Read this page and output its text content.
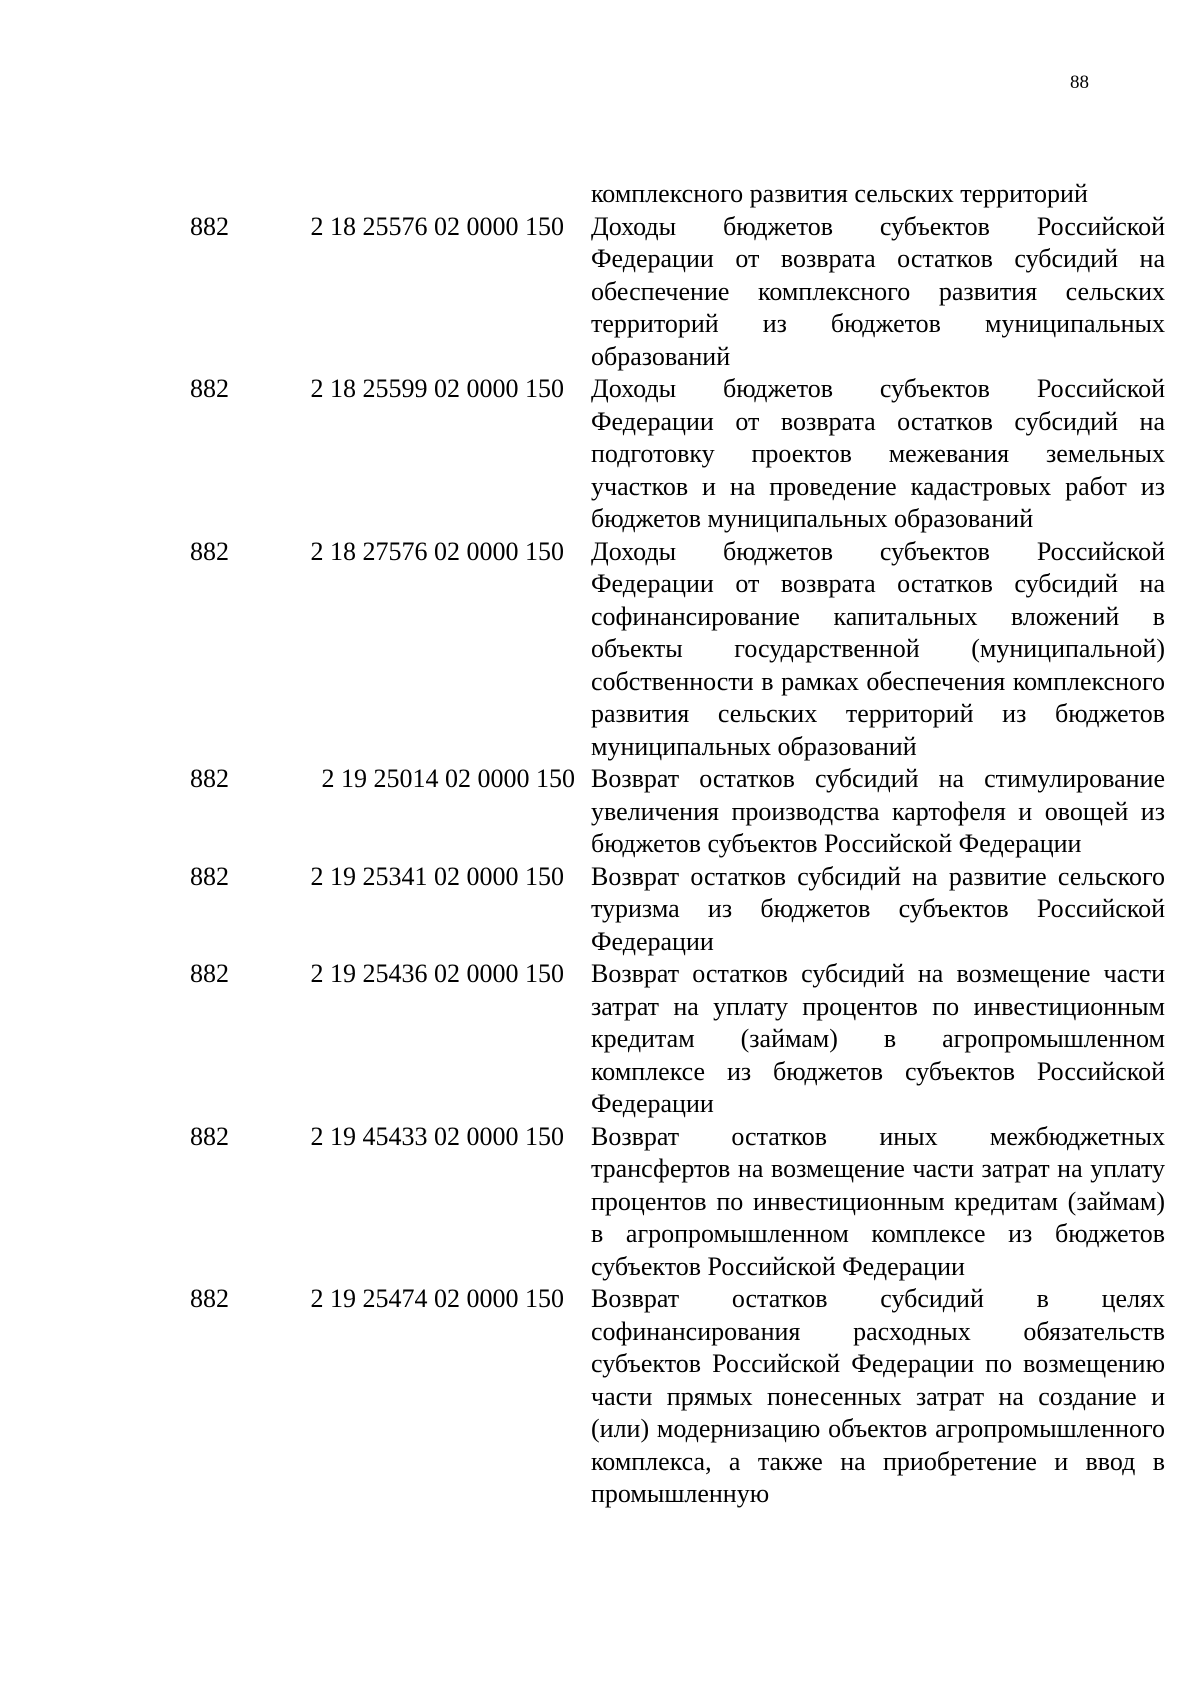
88
комплексного развития сельских территорий
882	2 18 25576 02 0000 150	Доходы бюджетов субъектов Российской Федерации от возврата остатков субсидий на обеспечение комплексного развития сельских территорий из бюджетов муниципальных образований
882	2 18 25599 02 0000 150	Доходы бюджетов субъектов Российской Федерации от возврата остатков субсидий на подготовку проектов межевания земельных участков и на проведение кадастровых работ из бюджетов муниципальных образований
882	2 18 27576 02 0000 150	Доходы бюджетов субъектов Российской Федерации от возврата остатков субсидий на софинансирование капитальных вложений в объекты государственной (муниципальной) собственности в рамках обеспечения комплексного развития сельских территорий из бюджетов муниципальных образований
882	2 19 25014 02 0000 150 Возврат остатков субсидий на стимулирование увеличения производства картофеля и овощей из бюджетов субъектов Российской Федерации
882	2 19 25341 02 0000 150	Возврат остатков субсидий на развитие сельского туризма из бюджетов субъектов Российской Федерации
882	2 19 25436 02 0000 150	Возврат остатков субсидий на возмещение части затрат на уплату процентов по инвестиционным кредитам (займам) в агропромышленном комплексе из бюджетов субъектов Российской Федерации
882	2 19 45433 02 0000 150	Возврат остатков иных межбюджетных трансфертов на возмещение части затрат на уплату процентов по инвестиционным кредитам (займам) в агропромышленном комплексе из бюджетов субъектов Российской Федерации
882	2 19 25474 02 0000 150	Возврат остатков субсидий в целях софинансирования расходных обязательств субъектов Российской Федерации по возмещению части прямых понесенных затрат на создание и (или) модернизацию объектов агропромышленного комплекса, а также на приобретение и ввод в промышленную
